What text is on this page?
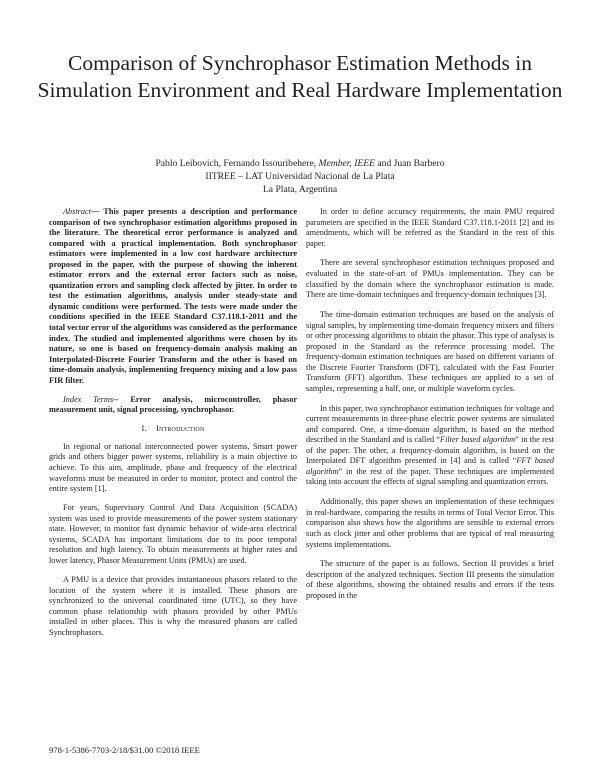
Comparison of Synchrophasor Estimation Methods in Simulation Environment and Real Hardware Implementation
Pablo Leibovich, Fernando Issouribehere, Member, IEEE and Juan Barbero
IITREE – LAT Universidad Nacional de La Plata
La Plata, Argentina

Abstract— This paper presents a description and performance comparison of two synchrophasor estimation algorithms proposed in the literature. The theoretical error performance is analyzed and compared with a practical implementation. Both synchrophasor estimators were implemented in a low cost hardware architecture proposed in the paper, with the purpose of showing the inherent estimator errors and the external error factors such as noise, quantization errors and sampling clock affected by jitter. In order to test the estimation algorithms, analysis under steady-state and dynamic conditions were performed. The tests were made under the conditions specified in the IEEE Standard C37.118.1-2011 and the total vector error of the algorithms was considered as the performance index. The studied and implemented algorithms were chosen by its nature, so one is based on frequency-domain analysis making an Interpolated-Discrete Fourier Transform and the other is based on time-domain analysis, implementing frequency mixing and a low pass FIR filter.

Index Terms-- Error analysis, microcontroller, phasor measurement unit, signal processing, synchrophasor.

I. Introduction

In regional or national interconnected power systems, Smart power grids and others bigger power systems, reliability is a main objective to achieve. To this aim, amplitude, phase and frequency of the electrical waveforms must be measured in order to monitor, protect and control the entire system [1].

For years, Supervisory Control And Data Acquisition (SCADA) system was used to provide measurements of the power system stationary state. However, to monitor fast dynamic behavior of wide-area electrical systems, SCADA has important limitations due to its poor temporal resolution and high latency. To obtain measurements at higher rates and lower latency, Phasor Measurement Units (PMUs) are used.

A PMU is a device that provides instantaneous phasors related to the location of the system where it is installed. These phasors are synchronized to the universal coordinated time (UTC), so they have common phase relationship with phasors provided by other PMUs installed in other places. This is why the measured phasors are called Synchrophasors.

In order to define accuracy requirements, the main PMU required parameters are specified in the IEEE Standard C37.118.1-2011 [2] and its amendments, which will be referred as the Standard in the rest of this paper.

There are several synchrophasor estimation techniques proposed and evaluated in the state-of-art of PMUs implementation. They can be classified by the domain where the synchrophasor estimation is made. There are time-domain techniques and frequency-domain techniques [3].

The time-domain estimation techniques are based on the analysis of signal samples, by implementing time-domain frequency mixers and filters or other processing algorithms to obtain the phasor. This type of analysis is proposed in the Standard as the reference processing model. The frequency-domain estimation techniques are based on different variants of the Discrete Fourier Transform (DFT), calculated with the Fast Fourier Transform (FFT) algorithm. These techniques are applied to a set of samples, representing a half, one, or multiple waveform cycles.

In this paper, two synchrophasor estimation techniques for voltage and current measurements in three-phase electric power systems are simulated and compared. One, a time-domain algorithm, is based on the method described in the Standard and is called “Filter based algorithm” in the rest of the paper. The other, a frequency-domain algorithm, is based on the Interpolated DFT algorithm presented in [4] and is called “FFT based algorithm” in the rest of the paper. These techniques are implemented taking into account the effects of signal sampling and quantization errors.

Additionally, this paper shows an implementation of these techniques in real-hardware, comparing the results in terms of Total Vector Error. This comparison also shows how the algorithms are sensible to external errors such as clock jitter and other problems that are typical of real measuring systems implementations.

The structure of the paper is as follows. Section II provides a brief description of the analyzed techniques. Section III presents the simulation of these algorithms, showing the obtained results and errors if the tests proposed in the

978-1-5386-7703-2/18/$31.00 ©2018 IEEE
